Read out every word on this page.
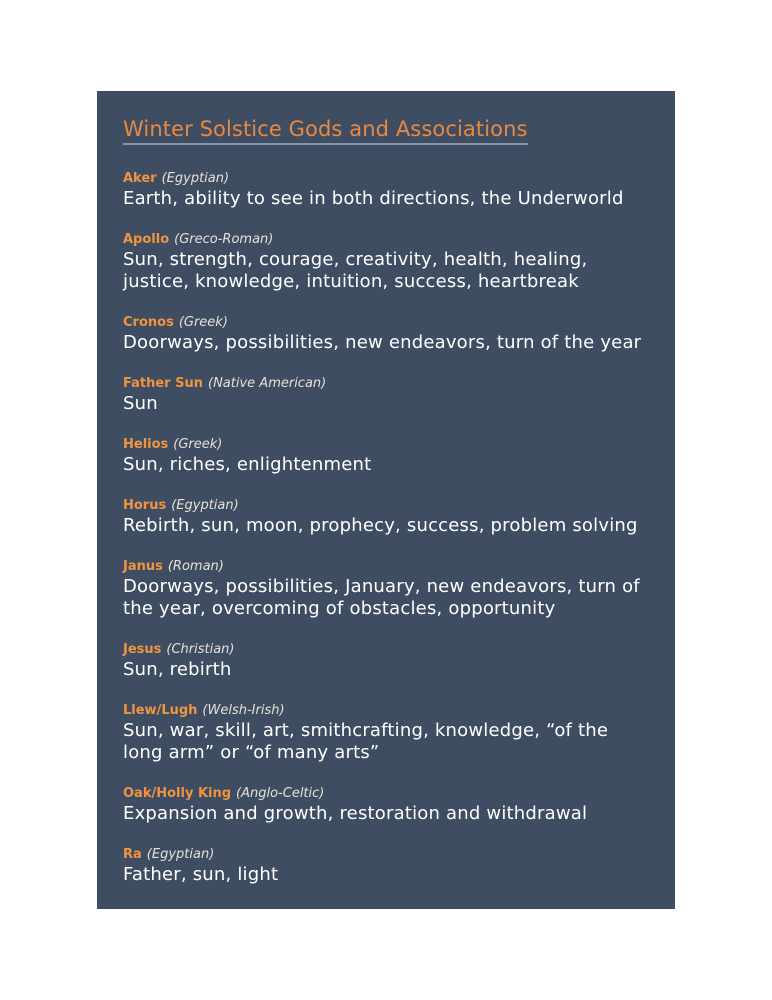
Winter Solstice Gods and Associations
Aker (Egyptian)
Earth, ability to see in both directions, the Underworld
Apollo (Greco-Roman)
Sun, strength, courage, creativity, health, healing, justice, knowledge, intuition, success, heartbreak
Cronos (Greek)
Doorways, possibilities, new endeavors, turn of the year
Father Sun (Native American)
Sun
Helios (Greek)
Sun, riches, enlightenment
Horus (Egyptian)
Rebirth, sun, moon, prophecy, success, problem solving
Janus (Roman)
Doorways, possibilities, January, new endeavors, turn of the year, overcoming of obstacles, opportunity
Jesus (Christian)
Sun, rebirth
Llew/Lugh (Welsh-Irish)
Sun, war, skill, art, smithcrafting, knowledge, “of the long arm” or “of many arts”
Oak/Holly King (Anglo-Celtic)
Expansion and growth, restoration and withdrawal
Ra (Egyptian)
Father, sun, light
